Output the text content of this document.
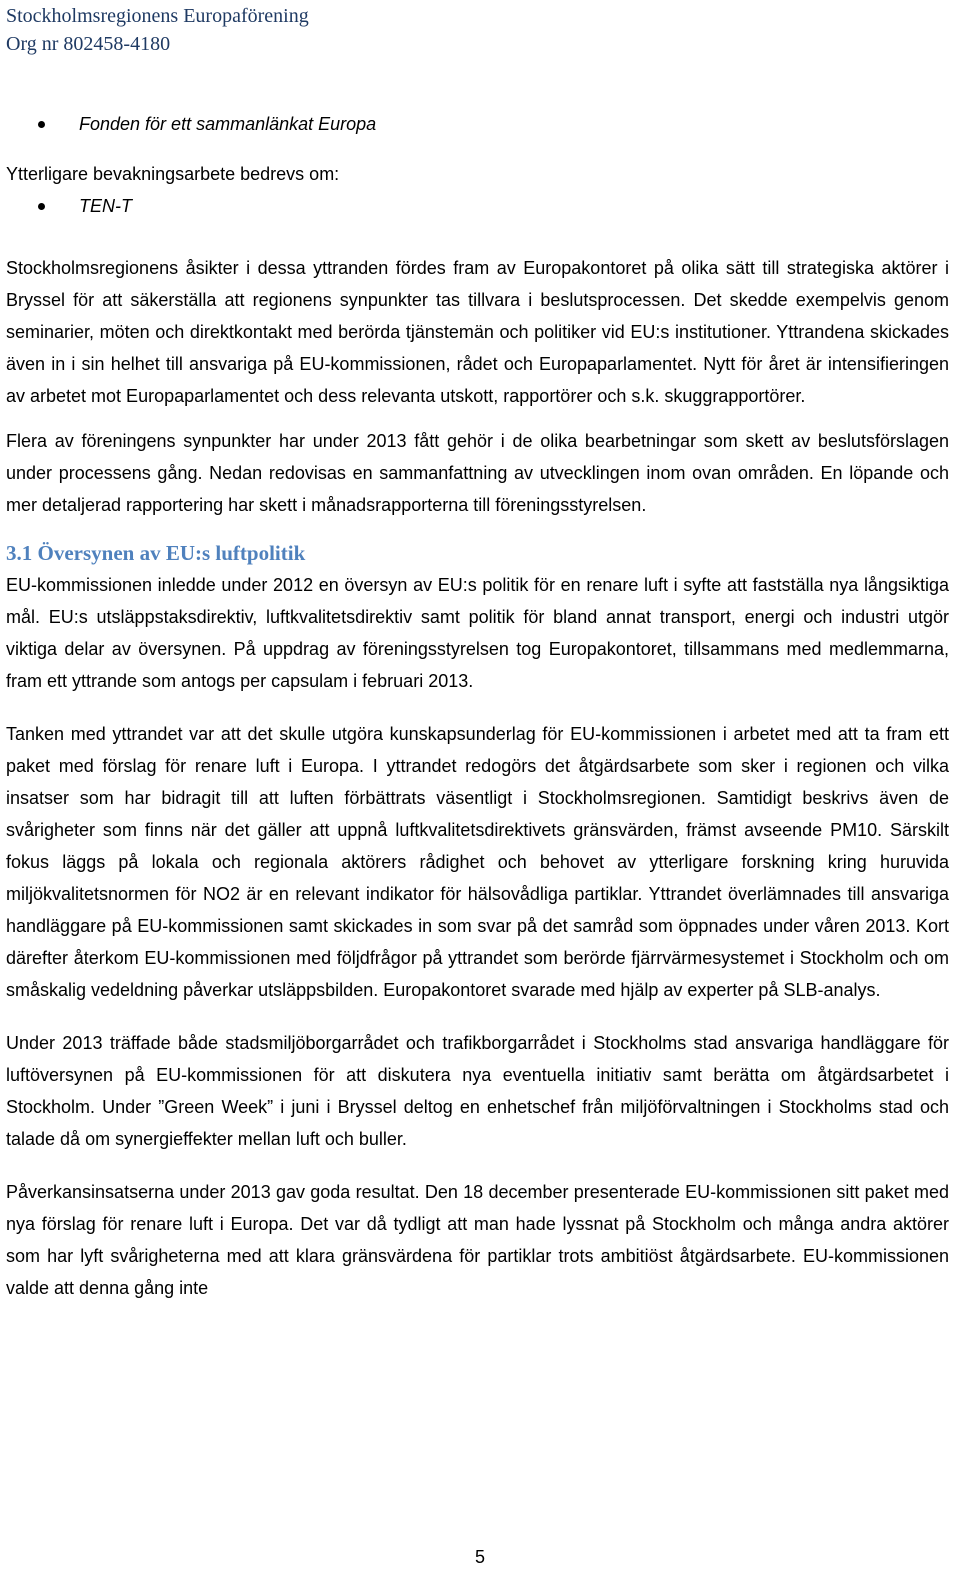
Stockholmsregionens Europaförening
Org nr 802458-4180
Fonden för ett sammanlänkat Europa

Ytterligare bevakningsarbete bedrevs om:

TEN-T

Stockholmsregionens åsikter i dessa yttranden fördes fram av Europakontoret på olika sätt till strategiska aktörer i Bryssel för att säkerställa att regionens synpunkter tas tillvara i beslutsprocessen. Det skedde exempelvis genom seminarier, möten och direktkontakt med berörda tjänstemän och politiker vid EU:s institutioner. Yttrandena skickades även in i sin helhet till ansvariga på EU-kommissionen, rådet och Europaparlamentet. Nytt för året är intensifieringen av arbetet mot Europaparlamentet och dess relevanta utskott, rapportörer och s.k. skuggrapportörer.

Flera av föreningens synpunkter har under 2013 fått gehör i de olika bearbetningar som skett av beslutsförslagen under processens gång. Nedan redovisas en sammanfattning av utvecklingen inom ovan områden. En löpande och mer detaljerad rapportering har skett i månadsrapporterna till föreningsstyrelsen.

3.1 Översynen av EU:s luftpolitik

EU-kommissionen inledde under 2012 en översyn av EU:s politik för en renare luft i syfte att fastställa nya långsiktiga mål. EU:s utsläppstaksdirektiv, luftkvalitetsdirektiv samt politik för bland annat transport, energi och industri utgör viktiga delar av översynen. På uppdrag av föreningsstyrelsen tog Europakontoret, tillsammans med medlemmarna, fram ett yttrande som antogs per capsulam i februari 2013.

Tanken med yttrandet var att det skulle utgöra kunskapsunderlag för EU-kommissionen i arbetet med att ta fram ett paket med förslag för renare luft i Europa. I yttrandet redogörs det åtgärdsarbete som sker i regionen och vilka insatser som har bidragit till att luften förbättrats väsentligt i Stockholmsregionen. Samtidigt beskrivs även de svårigheter som finns när det gäller att uppnå luftkvalitetsdirektivets gränsvärden, främst avseende PM10. Särskilt fokus läggs på lokala och regionala aktörers rådighet och behovet av ytterligare forskning kring huruvida miljökvalitetsnormen för NO2 är en relevant indikator för hälsovådliga partiklar. Yttrandet överlämnades till ansvariga handläggare på EU-kommissionen samt skickades in som svar på det samråd som öppnades under våren 2013. Kort därefter återkom EU-kommissionen med följdfrågor på yttrandet som berörde fjärrvärmesystemet i Stockholm och om småskalig vedeldning påverkar utsläppsbilden. Europakontoret svarade med hjälp av experter på SLB-analys.

Under 2013 träffade både stadsmiljöborgarrådet och trafikborgarrådet i Stockholms stad ansvariga handläggare för luftöversynen på EU-kommissionen för att diskutera nya eventuella initiativ samt berätta om åtgärdsarbetet i Stockholm. Under ”Green Week” i juni i Bryssel deltog en enhetschef från miljöförvaltningen i Stockholms stad och talade då om synergieffekter mellan luft och buller.

Påverkansinsatserna under 2013 gav goda resultat. Den 18 december presenterade EU-kommissionen sitt paket med nya förslag för renare luft i Europa. Det var då tydligt att man hade lyssnat på Stockholm och många andra aktörer som har lyft svårigheterna med att klara gränsvärdena för partiklar trots ambitiöst åtgärdsarbete. EU-kommissionen valde att denna gång inte

5
